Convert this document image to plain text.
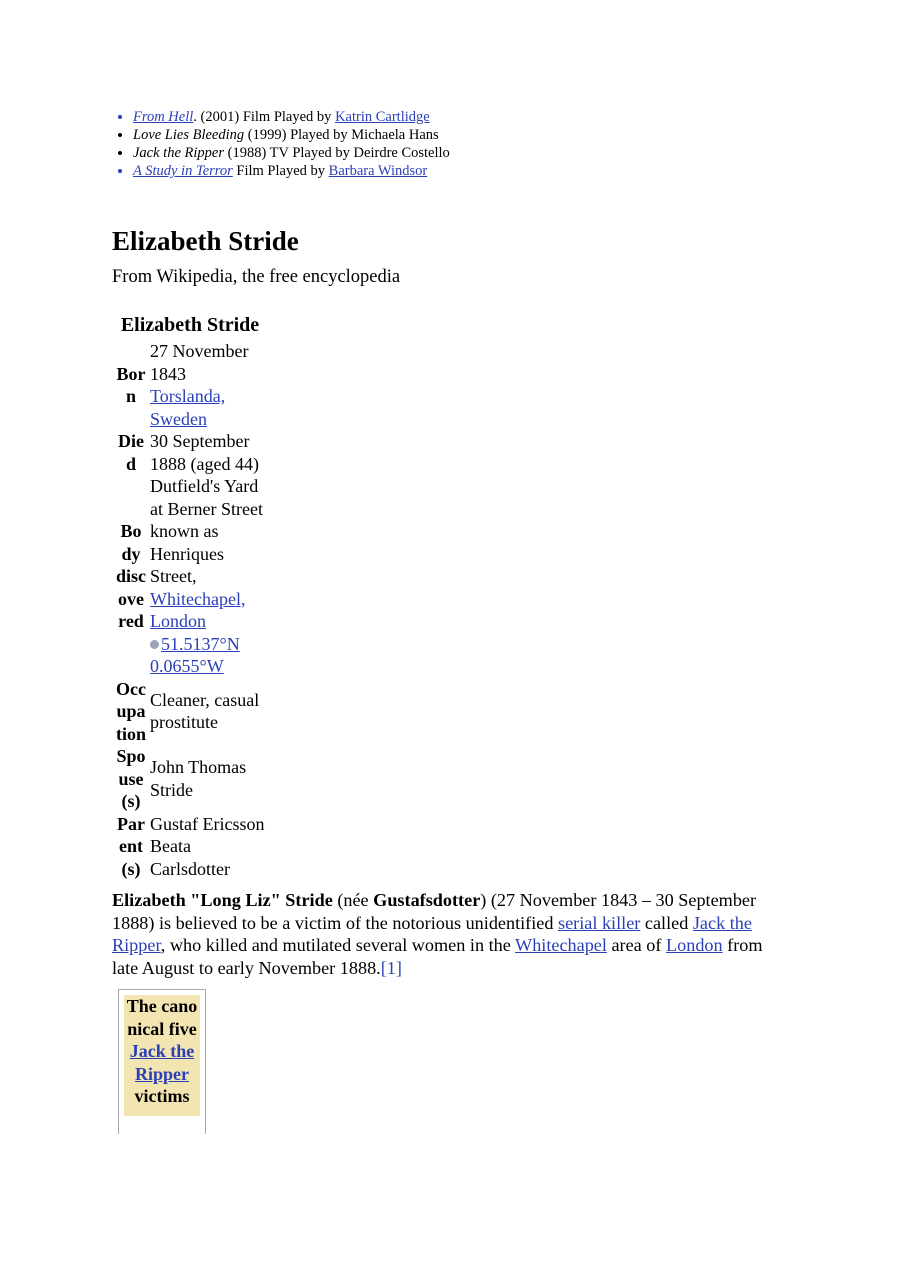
• From Hell. (2001) Film Played by Katrin Cartlidge
• Love Lies Bleeding (1999) Played by Michaela Hans
• Jack the Ripper (1988) TV Played by Deirdre Costello
• A Study in Terror Film Played by Barbara Windsor
Elizabeth Stride
From Wikipedia, the free encyclopedia
Elizabeth Stride
Born	27 November 1843
Torslanda, Sweden
Died	30 September 1888 (aged 44)
Body discovered	Dutfield's Yard at Berner Street known as Henriques Street,
Whitechapel, London
51.5137°N 0.0655°W
Occupation	Cleaner, casual prostitute
Spouse(s)	John Thomas Stride
Parent(s)	Gustaf Ericsson
Beata Carlsdotter

Elizabeth "Long Liz" Stride (née Gustafsdotter) (27 November 1843 – 30 September 1888) is believed to be a victim of the notorious unidentified serial killer called Jack the Ripper, who killed and mutilated several women in the Whitechapel area of London from late August to early November 1888.[1]

The canonical five
Jack the Ripper
victims
